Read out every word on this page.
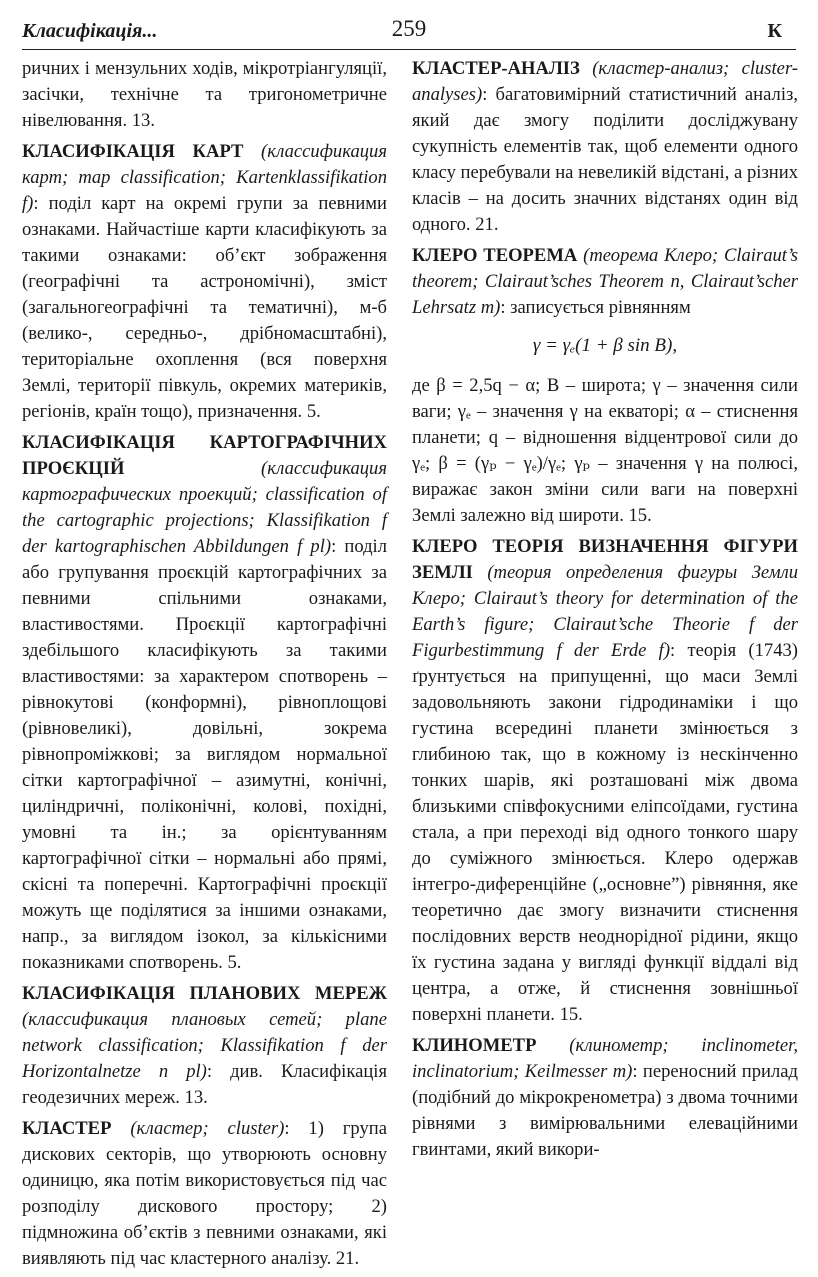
Класифікація...	259	К

ричних і мензульних ходів, мікротріангуляції, засічки, технічне та тригонометричне нівелювання. 13.

КЛАСИФІКАЦІЯ КАРТ (классификация карт; map classification; Kartenklassifikation f): поділ карт на окремі групи за певними ознаками. Найчастіше карти класифікують за такими ознаками: об’єкт зображення (географічні та астрономічні), зміст (загальногеографічні та тематичні), м-б (велико-, середньо-, дрібномасштабні), територіальне охоплення (вся поверхня Землі, території півкуль, окремих материків, регіонів, країн тощо), призначення. 5.

КЛАСИФІКАЦІЯ КАРТОГРАФІЧНИХ ПРОЄКЦІЙ	(классификация картографических проекций; classification of the cartographic projections; Klassifikation f der kartographischen Abbildungen f pl): поділ або групування проєкцій картографічних за певними спільними ознаками, властивостями. Проєкції картографічні здебільшого класифікують за такими властивостями: за характером спотворень – рівнокутові (конформні), рівноплощові (рівновеликі), довільні, зокрема рівнопроміжкові; за виглядом нормальної сітки картографічної – азимутні, конічні, циліндричні, поліконічні, колові, похідні, умовні та ін.; за орієнтуванням картографічної сітки – нормальні або прямі, скісні та поперечні. Картографічні проєкції можуть ще поділятися за іншими ознаками, напр., за виглядом ізокол, за кількісними показниками спотворень. 5.

КЛАСИФІКАЦІЯ ПЛАНОВИХ МЕРЕЖ (классификация плановых сетей; plane network classification; Klassifikation f der Horizontalnetze n pl): див. Класифікація геодезичних мереж. 13.

КЛАСТЕР (кластер; cluster): 1) група дискових секторів, що утворюють основну одиницю, яка потім використовується під час розподілу дискового простору; 2) підмножина об’єктів з певними ознаками, які виявляють під час кластерного аналізу. 21.

КЛАСТЕР-АНАЛІЗ (кластер-анализ; cluster-analyses): багатовимірний статистичний аналіз, який дає змогу поділити досліджувану сукупність елементів так, щоб елементи одного класу перебували на невеликій відстані, а різних класів – на досить значних відстанях один від одного. 21.

КЛЕРО ТЕОРЕМА (теорема Клеро; Clairaut’s theorem; Clairaut’sches Theorem n, Clairaut’scher Lehrsatz m): записується рівнянням

γ = γₑ(1 + β sin B),

де β = 2,5q − α; B – широта; γ – значення сили ваги; γₑ – значення γ на екваторі; α – стиснення планети; q – відношення відцентрової сили до γₑ; β = (γₚ − γₑ)/γₑ; γₚ – значення γ на полюсі, виражає закон зміни сили ваги на поверхні Землі залежно від широти. 15.

КЛЕРО ТЕОРІЯ ВИЗНАЧЕННЯ ФІГУРИ ЗЕМЛІ (теория определения фигуры Земли Клеро; Clairaut’s theory for determination of the Earth’s figure; Clairaut’sche Theorie f der Figurbestimmung f der Erde f): теорія (1743) ґрунтується на припущенні, що маси Землі задовольняють закони гідродинаміки і що густина всередині планети змінюється з глибиною так, що в кожному із нескінченно тонких шарів, які розташовані між двома близькими співфокусними еліпсоїдами, густина стала, а при переході від одного тонкого шару до суміжного змінюється. Клеро одержав інтегро-диференційне („основне”) рівняння, яке теоретично дає змогу визначити стиснення послідовних верств неоднорідної рідини, якщо їх густина задана у вигляді функції віддалі від центра, а отже, й стиснення зовнішньої поверхні планети. 15.

КЛИНОМЕТР (клинометр; inclinometer, inclinatorium; Keilmesser m): переносний прилад (подібний до мікрокренометра) з двома точними рівнями з вимірювальними елеваційними гвинтами, який викори-
